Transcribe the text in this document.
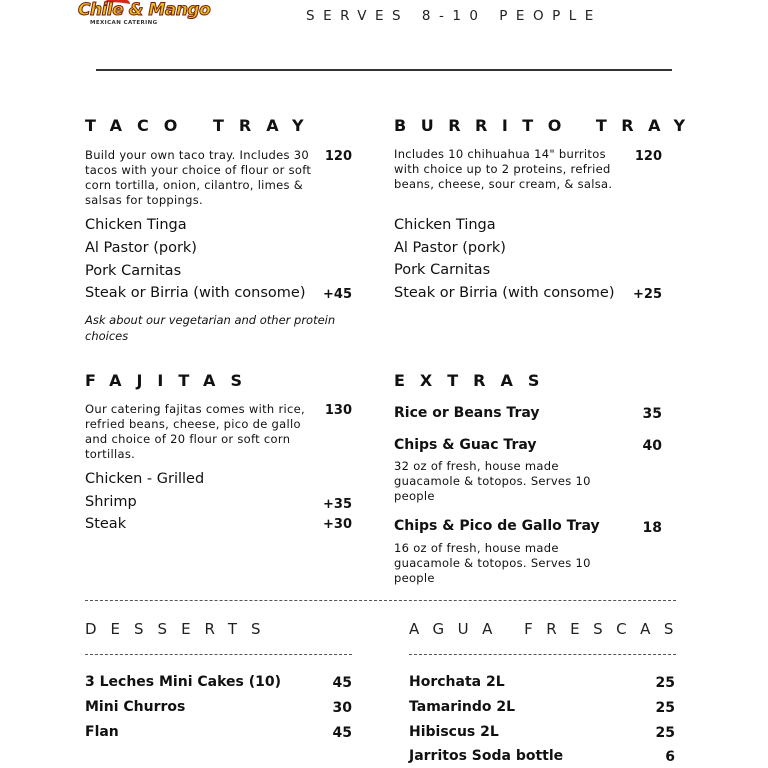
Chile & Mango
MEXICAN CATERING	SERVES 8-10 PEOPLE
TACO TRAY
Build your own taco tray. Includes 30 tacos with your choice of flour or soft corn tortilla, onion, cilantro, limes & salsas for toppings.
120
Chicken Tinga
Al Pastor (pork)
Pork Carnitas
Steak or Birria (with consome)	+45
Ask about our vegetarian and other protein choices
BURRITO TRAY
Includes 10 chihuahua 14" burritos with choice up to 2 proteins, refried beans, cheese, sour cream, & salsa.
120
Chicken Tinga
Al Pastor (pork)
Pork Carnitas
Steak or Birria (with consome)	+25
FAJITAS
Our catering fajitas comes with rice, refried beans, cheese, pico de gallo and choice of 20 flour or soft corn tortillas.
130
Chicken - Grilled
Shrimp	+35
Steak	+30
EXTRAS
Rice or Beans Tray	35
Chips & Guac Tray	40
32 oz of fresh, house made guacamole & totopos. Serves 10 people
Chips & Pico de Gallo Tray	18
16 oz of fresh, house made guacamole & totopos. Serves 10 people
DESSERTS
3 Leches Mini Cakes (10)	45
Mini Churros	30
Flan	45
AGUA FRESCAS
Horchata 2L	25
Tamarindo 2L	25
Hibiscus 2L	25
Jarritos Soda bottle	6
